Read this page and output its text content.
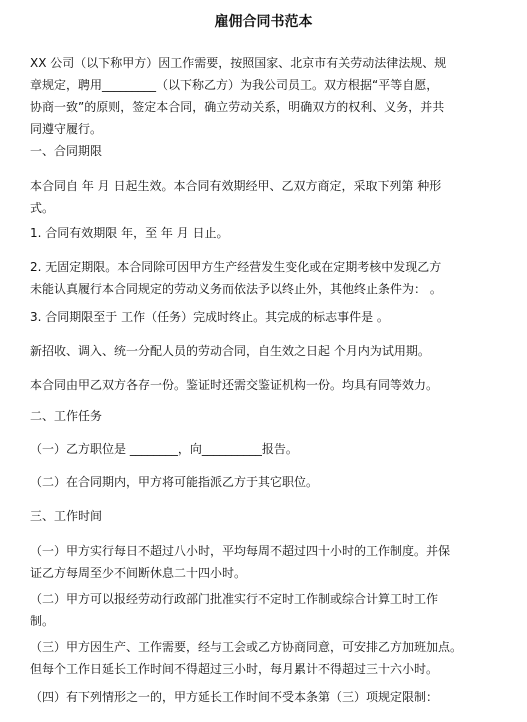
雇佣合同书范本

XX 公司（以下称甲方）因工作需要，按照国家、北京市有关劳动法律法规、规
章规定，聘用_________（以下称乙方）为我公司员工。双方根据“平等自愿，
协商一致”的原则，签定本合同，确立劳动关系，明确双方的权利、义务，并共
同遵守履行。

一、合同期限

本合同自 年 月 日起生效。本合同有效期经甲、乙双方商定，采取下列第 种形
式。

1. 合同有效期限 年，至 年 月 日止。

2. 无固定期限。本合同除可因甲方生产经营发生变化或在定期考核中发现乙方
未能认真履行本合同规定的劳动义务而依法予以终止外，其他终止条件为： 。

3. 合同期限至于 工作（任务）完成时终止。其完成的标志事件是 。

新招收、调入、统一分配人员的劳动合同，自生效之日起 个月内为试用期。

本合同由甲乙双方各存一份。鉴证时还需交鉴证机构一份。均具有同等效力。

二、工作任务

（一）乙方职位是 ________，向__________报告。

（二）在合同期内，甲方将可能指派乙方于其它职位。

三、工作时间

（一）甲方实行每日不超过八小时，平均每周不超过四十小时的工作制度。并保
证乙方每周至少不间断休息二十四小时。

（二）甲方可以报经劳动行政部门批准实行不定时工作制或综合计算工时工作
制。

（三）甲方因生产、工作需要，经与工会或乙方协商同意，可安排乙方加班加点。
但每个工作日延长工作时间不得超过三小时，每月累计不得超过三十六小时。

（四）有下列情形之一的，甲方延长工作时间不受本条第（三）项规定限制：
